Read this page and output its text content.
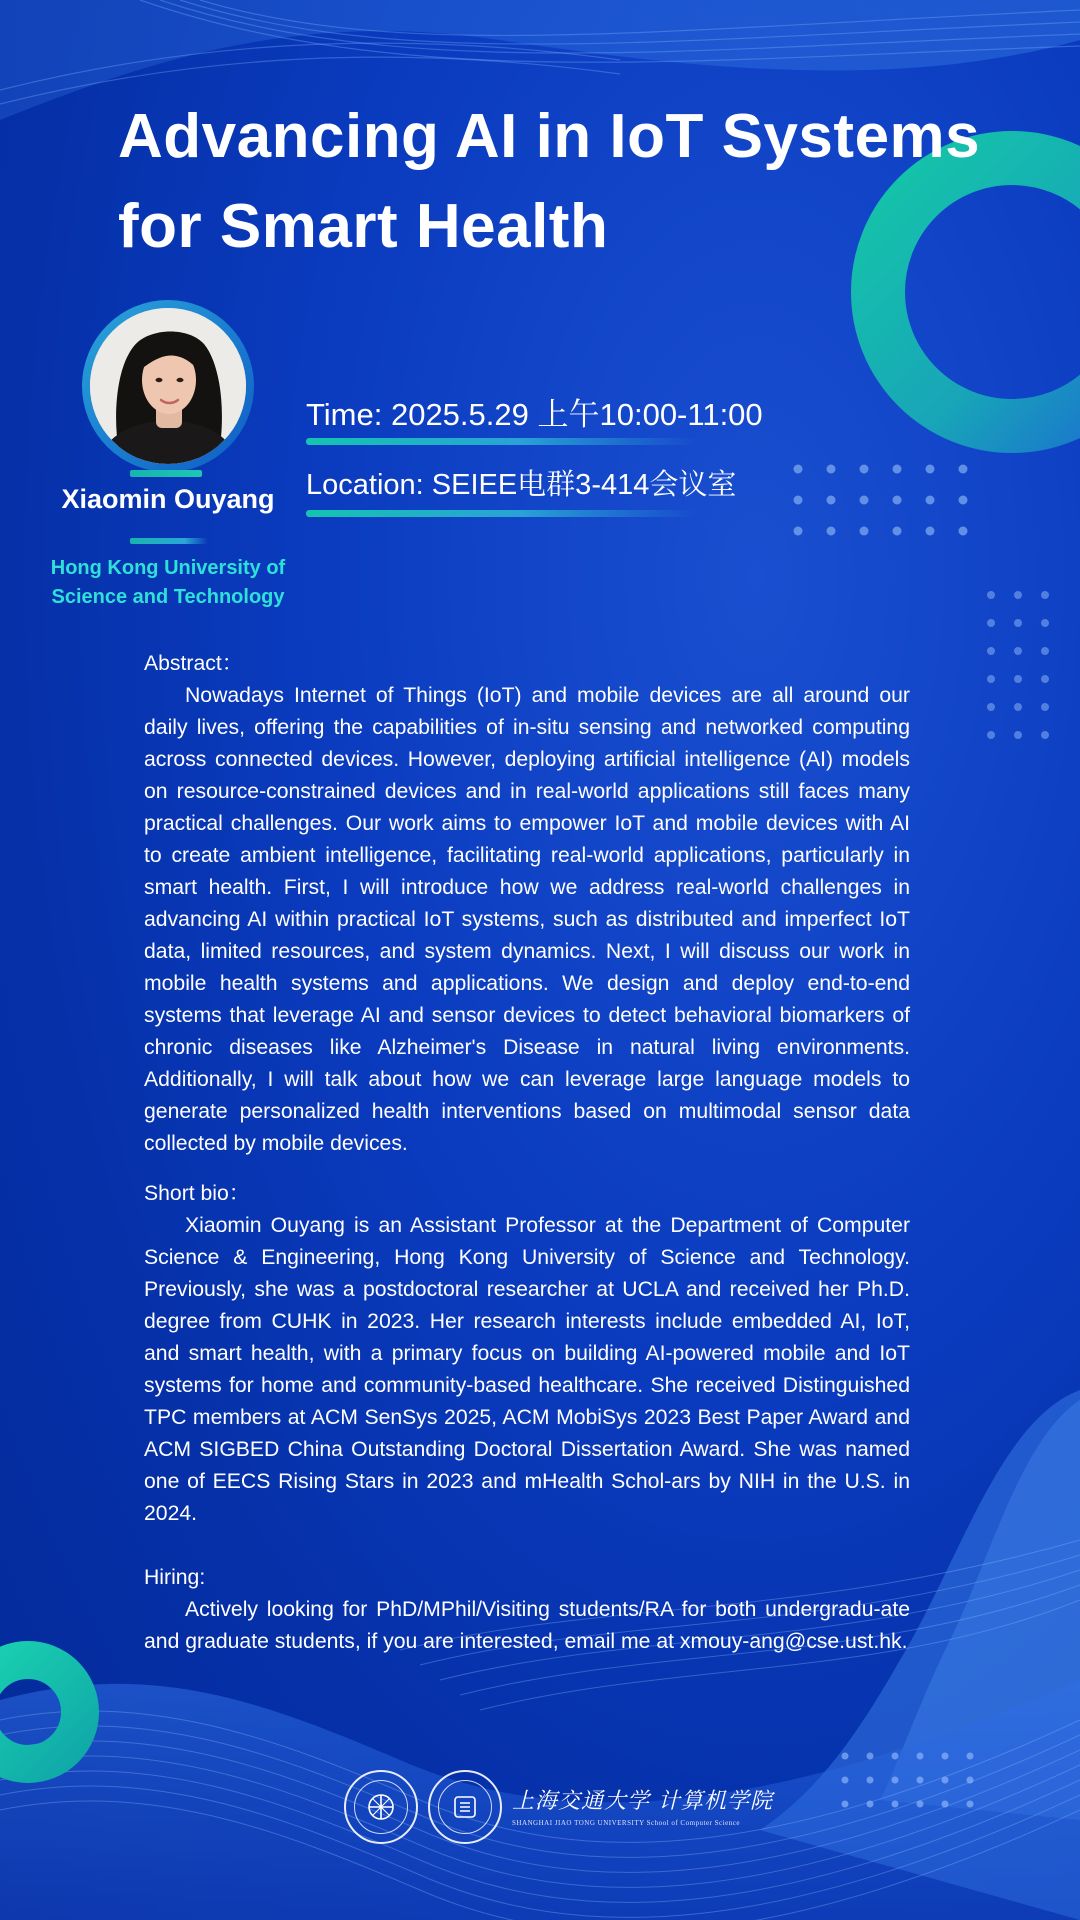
Advancing AI in IoT Systems
for Smart Health
Xiaomin Ouyang
Hong Kong University of
Science and Technology
Time: 2025.5.29 上午10:00-11:00
Location: SEIEE电群3-414会议室

Abstract：

Nowadays Internet of Things (IoT) and mobile devices are all around our daily lives, offering the capabilities of in-situ sensing and networked computing across connected devices. However, deploying artificial intelligence (AI) models on resource-constrained devices and in real-world applications still faces many practical challenges. Our work aims to empower IoT and mobile devices with AI to create ambient intelligence, facilitating real-world applications, particularly in smart health. First, I will introduce how we address real-world challenges in advancing AI within practical IoT systems, such as distributed and imperfect IoT data, limited resources, and system dynamics. Next, I will discuss our work in mobile health systems and applications. We design and deploy end-to-end systems that leverage AI and sensor devices to detect behavioral biomarkers of chronic diseases like Alzheimer's Disease in natural living environments. Additionally, I will talk about how we can leverage large language models to generate personalized health interventions based on multimodal sensor data collected by mobile devices.

Short bio：

Xiaomin Ouyang is an Assistant Professor at the Department of Computer Science & Engineering, Hong Kong University of Science and Technology. Previously, she was a postdoctoral researcher at UCLA and received her Ph.D. degree from CUHK in 2023. Her research interests include embedded AI, IoT, and smart health, with a primary focus on building AI-powered mobile and IoT systems for home and community-based healthcare. She received Distinguished TPC members at ACM SenSys 2025, ACM MobiSys 2023 Best Paper Award and ACM SIGBED China Outstanding Doctoral Dissertation Award. She was named one of EECS Rising Stars in 2023 and mHealth Schol-ars by NIH in the U.S. in 2024.

Hiring:

Actively looking for PhD/MPhil/Visiting students/RA for both undergradu-ate and graduate students, if you are interested, email me at xmouy-ang@cse.ust.hk.

上海交通大学 计算机学院
SHANGHAI JIAO TONG UNIVERSITY School of Computer Science
